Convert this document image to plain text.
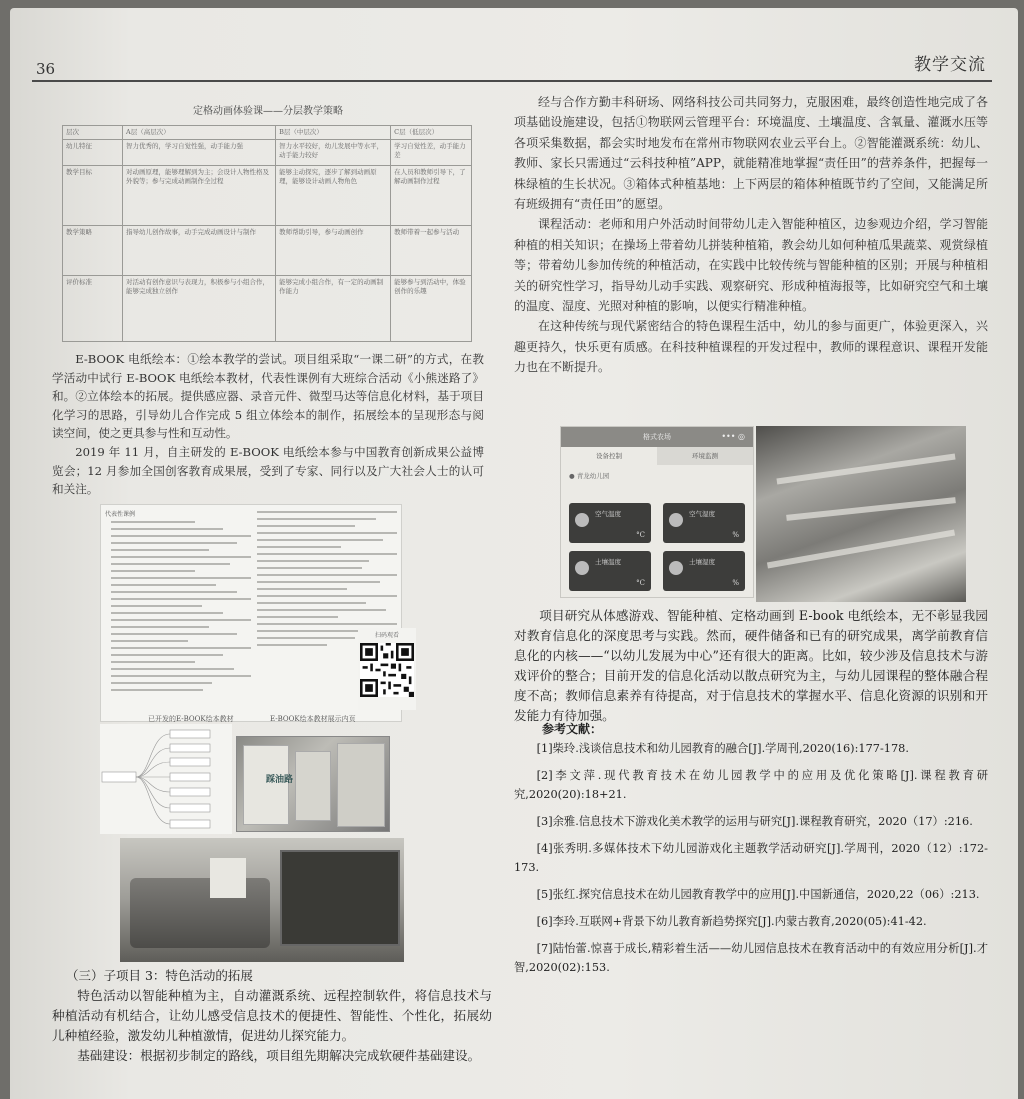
36	教学交流
定格动画体验课——分层教学策略
层次	A层（高层次）	B层（中层次）	C层（低层次）
幼儿特征	智力优秀的，学习自觉性强，动手能力强	智力水平较好，幼儿发展中等水平，动手能力较好	学习自觉性差，动手能力差
教学目标	对动画原理，能够理解到为主；会设计人物性格及外貌等；参与完成动画制作全过程	能够主动探究，逐步了解到动画原理，能够设计动画人物角色	在人员和教师引导下，了解动画制作过程
教学策略	指导幼儿创作故事，动手完成动画设计与制作	教师帮助引导，参与动画创作	教师带着一起参与活动
评价标准	对活动有创作意识与表现力，积极参与小组合作，能够完成独立创作	能够完成小组合作，有一定的动画制作能力	能够参与到活动中，体验创作的乐趣

E-BOOK 电纸绘本：①绘本教学的尝试。项目组采取“一课二研”的方式，在教学活动中试行 E-BOOK 电纸绘本教材，代表性课例有大班综合活动《小熊迷路了》和。②立体绘本的拓展。提供感应器、录音元件、微型马达等信息化材料，基于项目化学习的思路，引导幼儿合作完成 5 组立体绘本的制作，拓展绘本的呈现形态与阅读空间，使之更具参与性和互动性。

2019 年 11 月，自主研发的 E-BOOK 电纸绘本参与中国教育创新成果公益博览会；12 月参加全国创客教育成果展，受到了专家、同行以及广大社会人士的认可和关注。

代表性课例
扫码观看
已开发的E-BOOK绘本教材	E-BOOK绘本教材展示内页
踩油路
（三）子项目 3：特色活动的拓展

特色活动以智能种植为主，自动灌溉系统、远程控制软件，将信息技术与种植活动有机结合，让幼儿感受信息技术的便捷性、智能性、个性化，拓展幼儿种植经验，激发幼儿种植激情，促进幼儿探究能力。

基础建设：根据初步制定的路线，项目组先期解决完成软硬件基础建设。

经与合作方勤丰科研场、网络科技公司共同努力，克服困难，最终创造性地完成了各项基础设施建设，包括①物联网云管理平台：环境温度、土壤温度、含氧量、灌溉水压等各项采集数据，都会实时地发布在常州市物联网农业云平台上。②智能灌溉系统：幼儿、教师、家长只需通过“云科技种植”APP，就能精准地掌握“责任田”的营养条件，把握每一株绿植的生长状况。③箱体式种植基地：上下两层的箱体种植既节约了空间，又能满足所有班级拥有“责任田”的愿望。

课程活动：老师和用户外活动时间带幼儿走入智能种植区，边参观边介绍，学习智能种植的相关知识；在操场上带着幼儿拼装种植箱，教会幼儿如何种植瓜果蔬菜、观赏绿植等；带着幼儿参加传统的种植活动，在实践中比较传统与智能种植的区别；开展与种植相关的研究性学习，指导幼儿动手实践、观察研究、形成种植海报等，比如研究空气和土壤的温度、湿度、光照对种植的影响，以便实行精准种植。

在这种传统与现代紧密结合的特色课程生活中，幼儿的参与面更广，体验更深入，兴趣更持久，快乐更有质感。在科技种植课程的开发过程中，教师的课程意识、课程开发能力也在不断提升。

格式农场	••• ◎
设备控制	环境监测
● 青龙幼儿园
空气温度
°C
空气湿度
%
土壤温度
°C
土壤湿度
%

项目研究从体感游戏、智能种植、定格动画到 E-book 电纸绘本，无不彰显我园对教育信息化的深度思考与实践。然而，硬件储备和已有的研究成果，离学前教育信息化的内核——“以幼儿发展为中心”还有很大的距离。比如，较少涉及信息技术与游戏评价的整合；目前开发的信息化活动以散点研究为主，与幼儿园课程的整体融合程度不高；教师信息素养有待提高，对于信息技术的掌握水平、信息化资源的识别和开发能力有待加强。

参考文献：

[1]柴玲.浅谈信息技术和幼儿园教育的融合[J].学周刊,2020(16):177-178.

[2]李文萍.现代教育技术在幼儿园教学中的应用及优化策略[J].课程教育研究,2020(20):18+21.

[3]余雅.信息技术下游戏化美术教学的运用与研究[J].课程教育研究，2020（17）:216.

[4]张秀明.多媒体技术下幼儿园游戏化主题教学活动研究[J].学周刊，2020（12）:172-173.

[5]张红.探究信息技术在幼儿园教育教学中的应用[J].中国新通信，2020,22（06）:213.

[6]李玲.互联网+背景下幼儿教育新趋势探究[J].内蒙古教育,2020(05):41-42.

[7]陆怡蕾.惊喜于成长,精彩着生活——幼儿园信息技术在教育活动中的有效应用分析[J].才智,2020(02):153.
